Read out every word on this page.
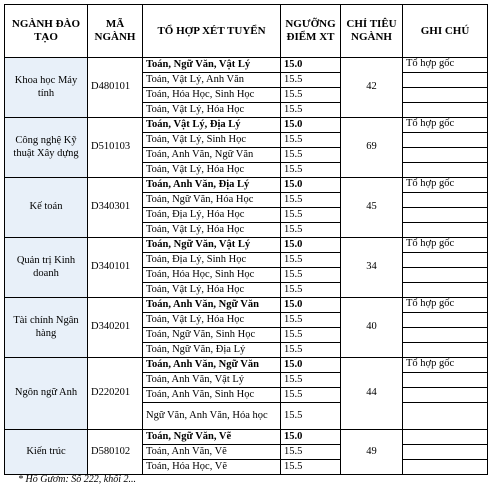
NGÀNH ĐÀO TẠO	MÃ NGÀNH	TỔ HỢP XÉT TUYỂN	NGƯỠNG ĐIỂM XT	CHỈ TIÊU NGÀNH	GHI CHÚ
Khoa học Máy tính	D480101	Toán, Ngữ Văn, Vật Lý	15.0	42	Tổ hợp gốc
		Toán, Vật Lý, Anh Văn	15.5		
		Toán, Hóa Học, Sinh Học	15.5		
		Toán, Vật Lý, Hóa Học	15.5		
Công nghệ Kỹ thuật Xây dựng	D510103	Toán, Vật Lý, Địa Lý	15.0	69	Tổ hợp gốc
		Toán, Vật Lý, Sinh Học	15.5		
		Toán, Anh Văn, Ngữ Văn	15.5		
		Toán, Vật Lý, Hóa Học	15.5		
Kế toán	D340301	Toán, Anh Văn, Địa Lý	15.0	45	Tổ hợp gốc
		Toán, Ngữ Văn, Hóa Học	15.5		
		Toán, Địa Lý, Hóa Học	15.5		
		Toán, Vật Lý, Hóa Học	15.5		
Quản trị Kinh doanh	D340101	Toán, Ngữ Văn, Vật Lý	15.0	34	Tổ hợp gốc
		Toán, Địa Lý, Sinh Học	15.5		
		Toán, Hóa Học, Sinh Học	15.5		
		Toán, Vật Lý, Hóa Học	15.5		
Tài chính Ngân hàng	D340201	Toán, Anh Văn, Ngữ Văn	15.0	40	Tổ hợp gốc
		Toán, Vật Lý, Hóa Học	15.5		
		Toán, Ngữ Văn, Sinh Học	15.5		
		Toán, Ngữ Văn, Địa Lý	15.5		
Ngôn ngữ Anh	D220201	Toán, Anh Văn, Ngữ Văn	15.0	44	Tổ hợp gốc
		Toán, Anh Văn, Vật Lý	15.5		
		Toán, Anh Văn, Sinh Học	15.5		
		Ngữ Văn, Anh Văn, Hóa học	15.5		
Kiến trúc	D580102	Toán, Ngữ Văn, Vẽ	15.0	49	
		Toán, Anh Văn, Vẽ	15.5		
		Toán, Hóa Học, Vẽ	15.5		
* Hồ Gươm: Số 222, khối 2...
